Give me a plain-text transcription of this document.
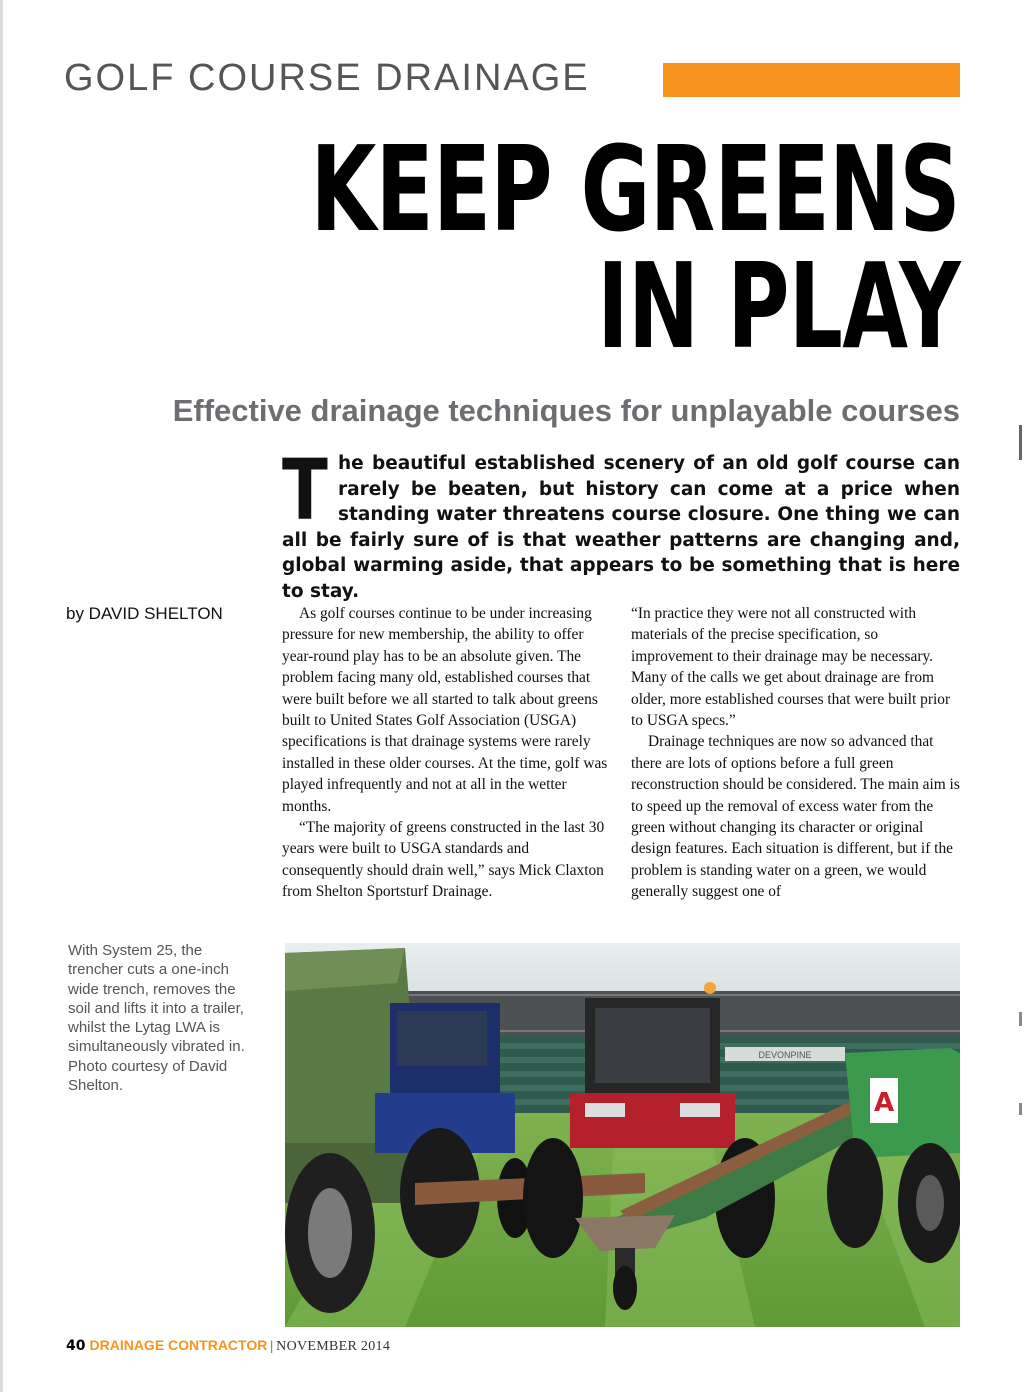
GOLF COURSE DRAINAGE
KEEP GREENS
IN PLAY
Effective drainage techniques for unplayable courses
The beautiful established scenery of an old golf course can rarely be beaten, but history can come at a price when standing water threatens course closure. One thing we can all be fairly sure of is that weather patterns are changing and, global warming aside, that appears to be something that is here to stay.
by DAVID SHELTON	As golf courses continue to be under increasing pressure for new membership, the ability to offer year-round play has to be an absolute given. The problem facing many old, established courses that were built before we all started to talk about greens built to United States Golf Association (USGA) specifications is that drainage systems were rarely installed in these older courses. At the time, golf was played infrequently and not at all in the wetter months.

“The majority of greens constructed in the last 30 years were built to USGA standards and consequently should drain well,” says Mick Claxton from Shelton Sportsturf Drainage.

“In practice they were not all constructed with materials of the precise specification, so improvement to their drainage may be necessary. Many of the calls we get about drainage are from older, more established courses that were built prior to USGA specs.”

Drainage techniques are now so advanced that there are lots of options before a full green reconstruction should be considered. The main aim is to speed up the removal of excess water from the green without changing its character or original design features. Each situation is different, but if the problem is standing water on a green, we would generally suggest one of

With System 25, the trencher cuts a one-inch wide trench, removes the soil and lifts it into a trailer, whilst the Lytag LWA is simultaneously vibrated in. Photo courtesy of David Shelton.
DEVONPINE
A
40 DRAINAGE CONTRACTOR | NOVEMBER 2014
